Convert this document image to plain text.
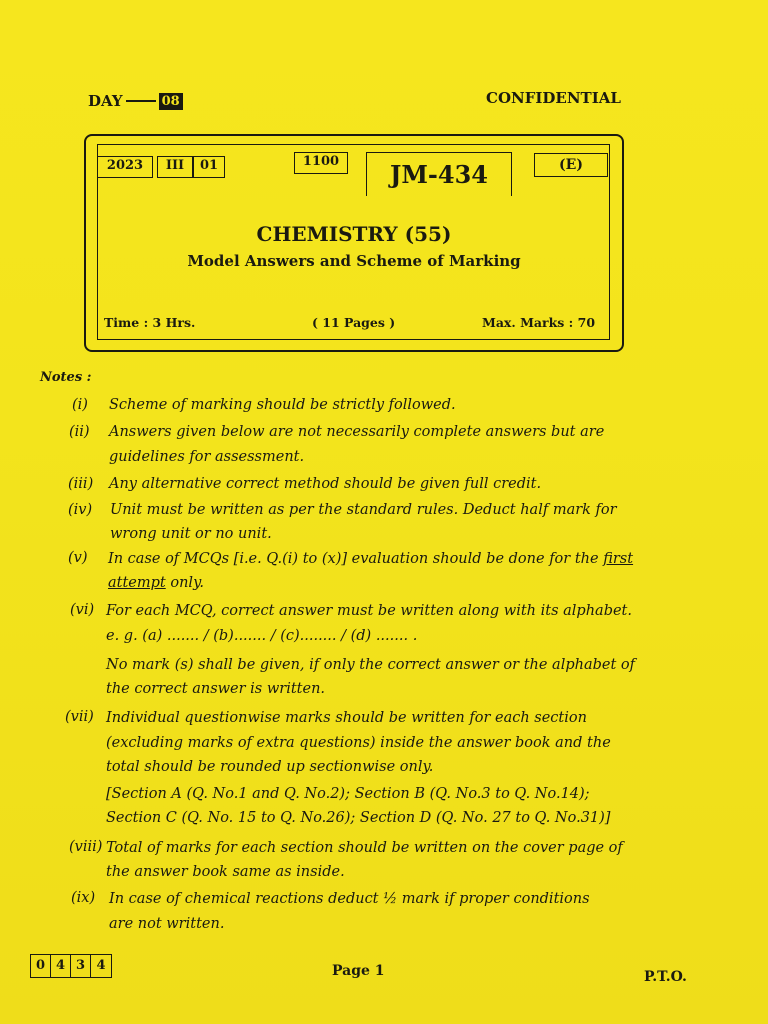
DAY	08	CONFIDENTIAL
2023	III	01	1100	JM-434	(E)
CHEMISTRY (55)
Model Answers and Scheme of Marking
Time : 3 Hrs.	( 11 Pages )	Max. Marks : 70
Notes :
(i) Scheme of marking should be strictly followed.
(ii) Answers given below are not necessarily complete answers but are
guidelines for assessment.
(iii) Any alternative correct method should be given full credit.
(iv) Unit must be written as per the standard rules. Deduct half mark for
wrong unit or no unit.
(v) In case of MCQs [i.e. Q.(i) to (x)] evaluation should be done for the first
attempt only.
(vi) For each MCQ, correct answer must be written along with its alphabet.
e. g. (a) ....... / (b)....... / (c)........ / (d) ....... .
No mark (s) shall be given, if only the correct answer or the alphabet of
the correct answer is written.
(vii) Individual questionwise marks should be written for each section
(excluding marks of extra questions) inside the answer book and the
total should be rounded up sectionwise only.
[Section A (Q. No.1 and Q. No.2); Section B (Q. No.3 to Q. No.14);
Section C (Q. No. 15 to Q. No.26); Section D (Q. No. 27 to Q. No.31)]
(viii) Total of marks for each section should be written on the cover page of
the answer book same as inside.
(ix) In case of chemical reactions deduct ½ mark if proper conditions
are not written.
0 4 3 4	Page 1	P.T.O.
